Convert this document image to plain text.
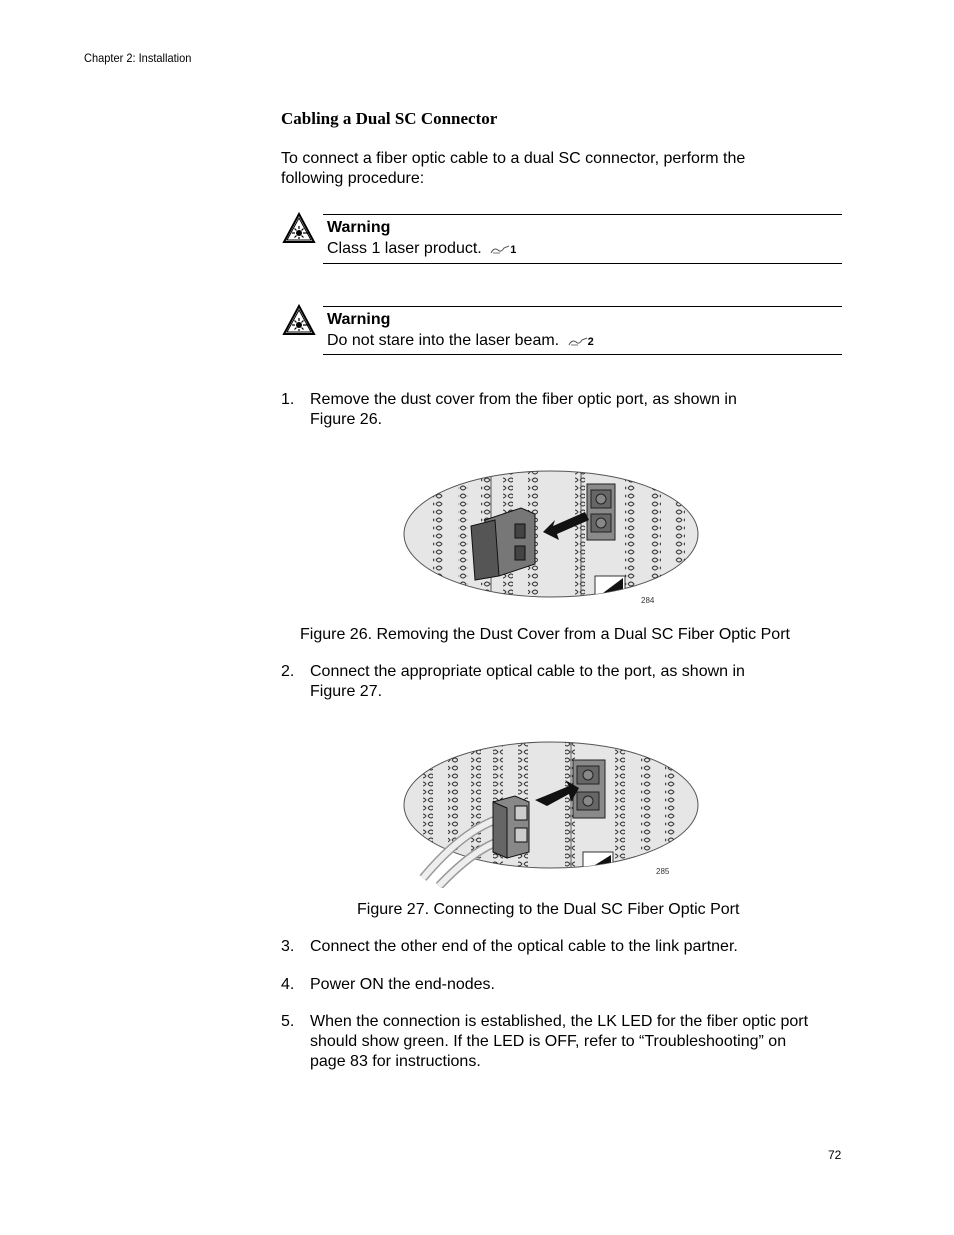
Chapter 2: Installation
Cabling a Dual SC Connector
To connect a fiber optic cable to a dual SC connector, perform the
following procedure:
Warning
Class 1 laser product.	1
Warning
Do not stare into the laser beam.	2
1. Remove the dust cover from the fiber optic port, as shown in
Figure 26.
284
Figure 26. Removing the Dust Cover from a Dual SC Fiber Optic Port
2. Connect the appropriate optical cable to the port, as shown in
Figure 27.
285
Figure 27. Connecting to the Dual SC Fiber Optic Port
3. Connect the other end of the optical cable to the link partner.
4. Power ON the end-nodes.
5. When the connection is established, the LK LED for the fiber optic port
should show green. If the LED is OFF, refer to “Troubleshooting” on
page 83 for instructions.
72
